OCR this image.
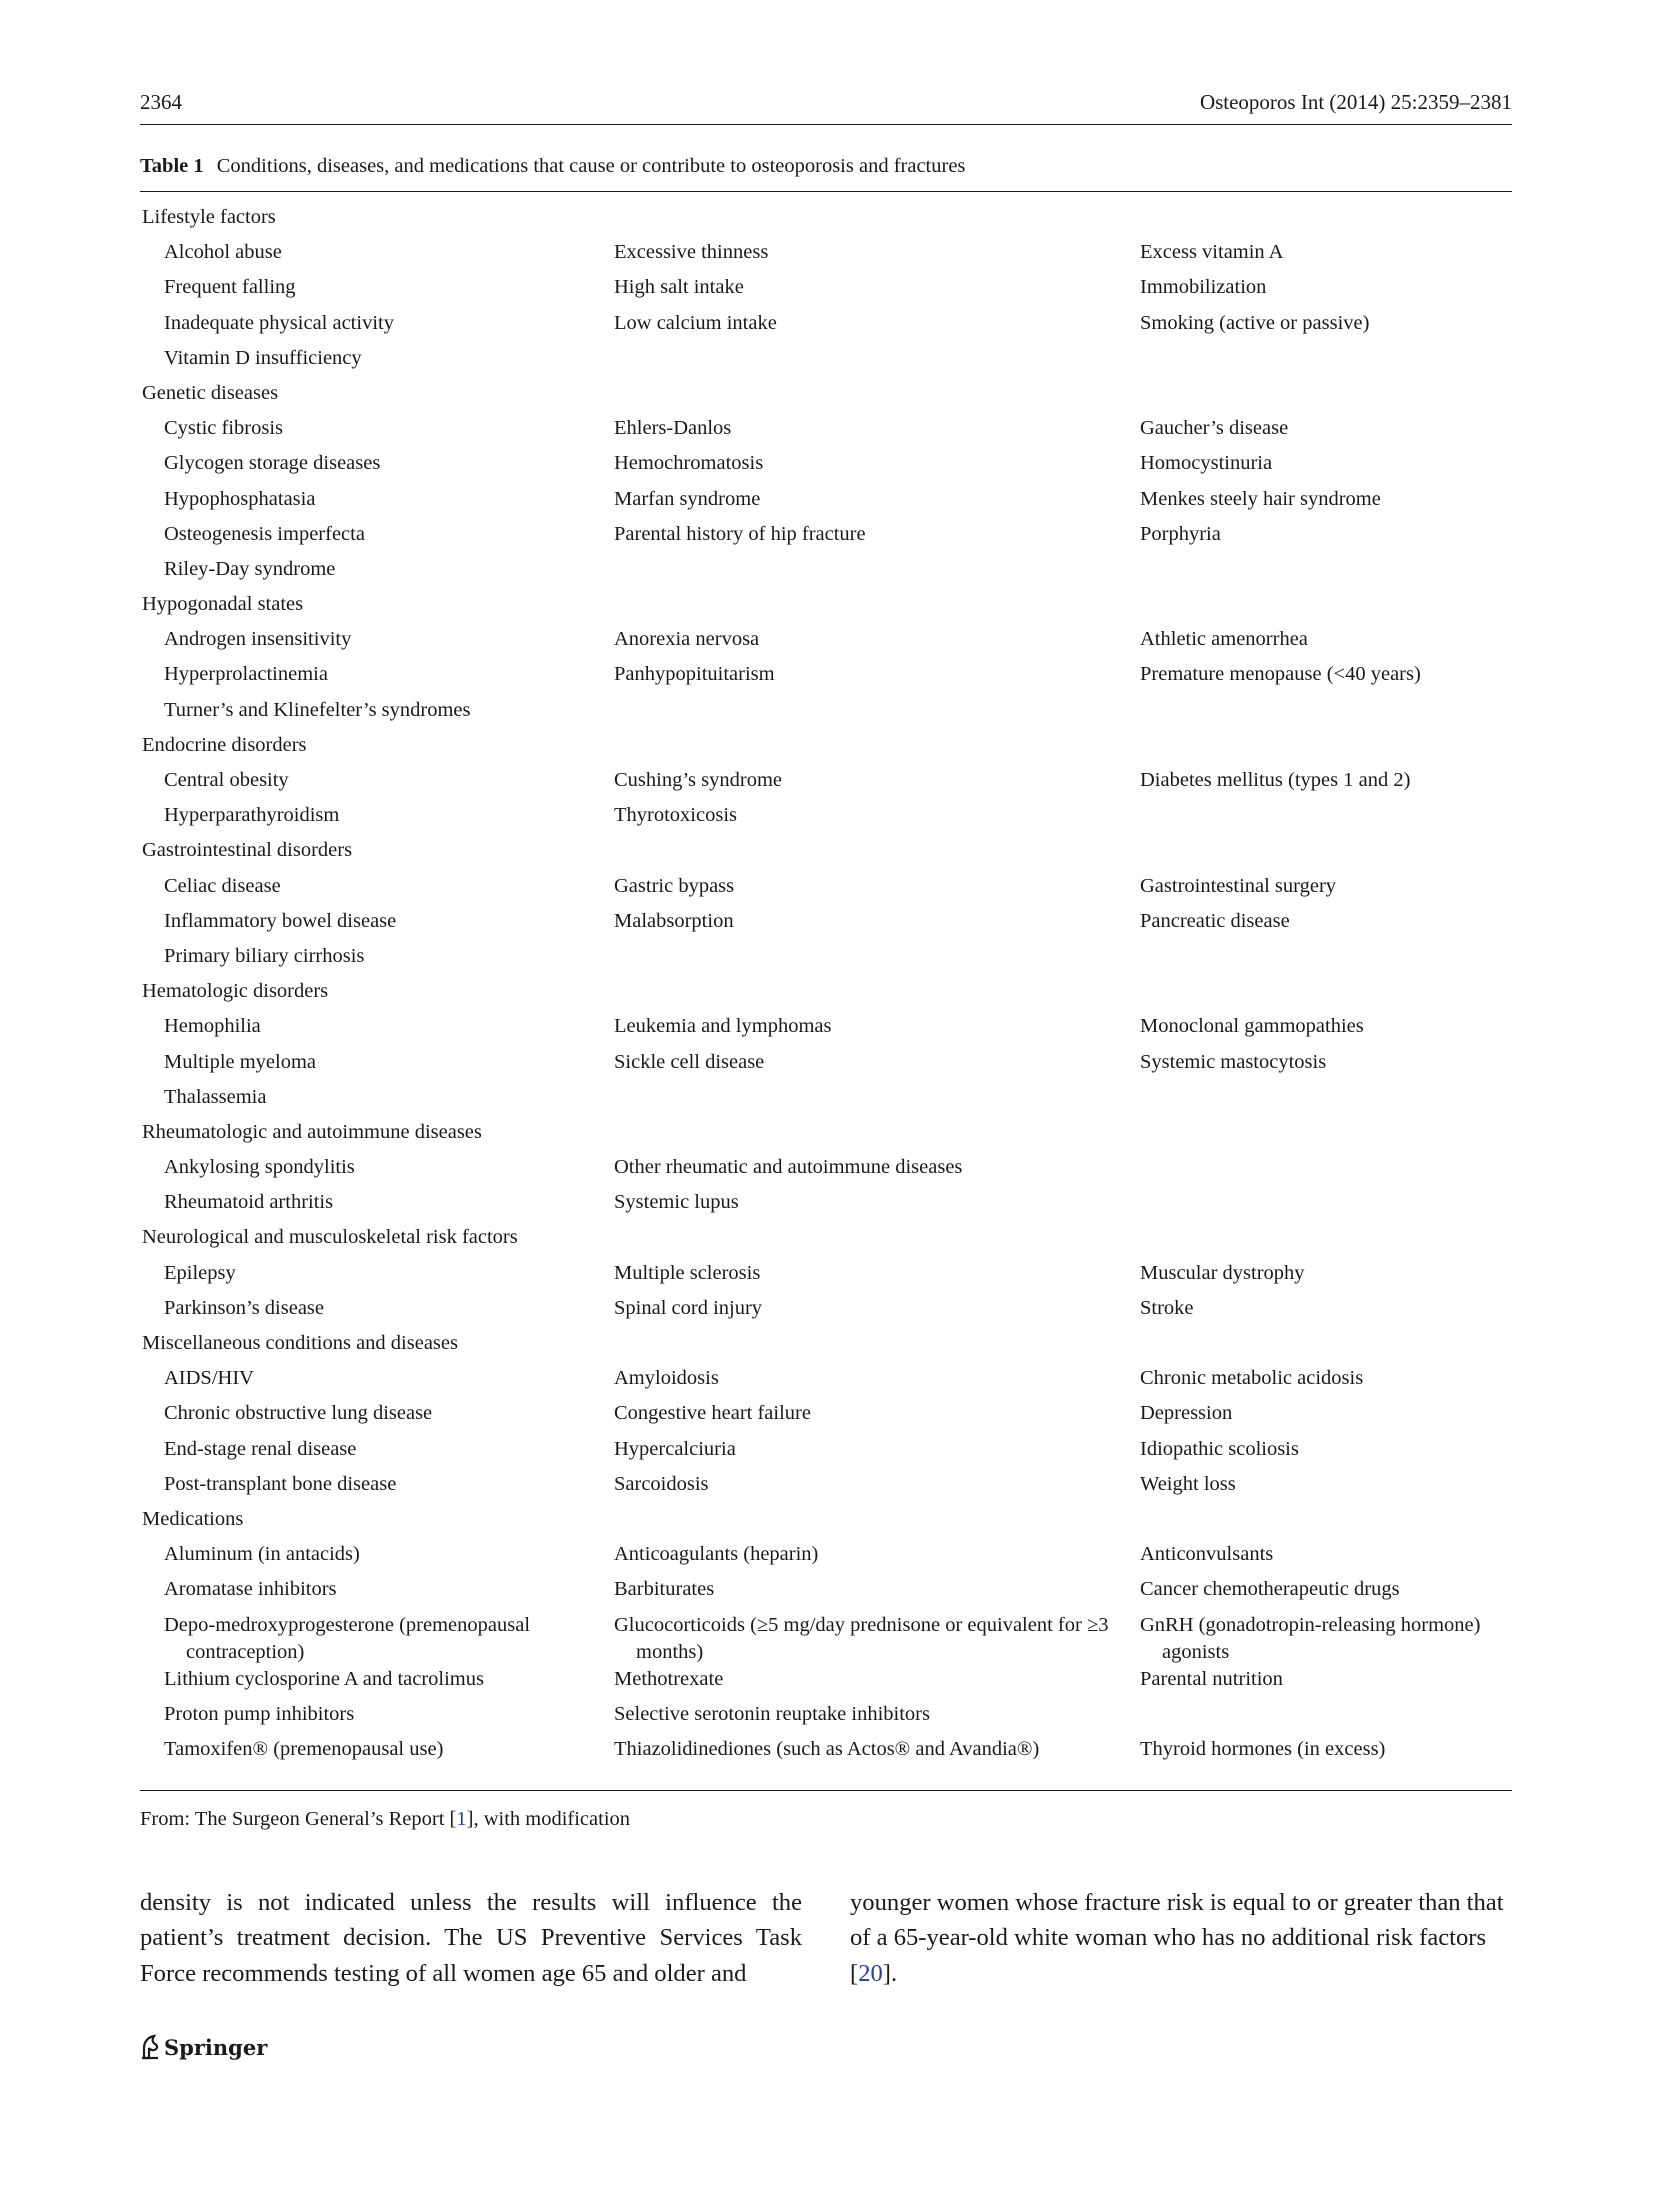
2364	Osteoporos Int (2014) 25:2359–2381
Table 1 Conditions, diseases, and medications that cause or contribute to osteoporosis and fractures
Lifestyle factors		

Alcohol abuse	Excessive thinness	Excess vitamin A

Frequent falling	High salt intake	Immobilization

Inadequate physical activity	Low calcium intake	Smoking (active or passive)

Vitamin D insufficiency		

Genetic diseases		

Cystic fibrosis	Ehlers-Danlos	Gaucher’s disease

Glycogen storage diseases	Hemochromatosis	Homocystinuria

Hypophosphatasia	Marfan syndrome	Menkes steely hair syndrome

Osteogenesis imperfecta	Parental history of hip fracture	Porphyria

Riley-Day syndrome		

Hypogonadal states		

Androgen insensitivity	Anorexia nervosa	Athletic amenorrhea

Hyperprolactinemia	Panhypopituitarism	Premature menopause (<40 years)

Turner’s and Klinefelter’s syndromes		

Endocrine disorders		

Central obesity	Cushing’s syndrome	Diabetes mellitus (types 1 and 2)

Hyperparathyroidism	Thyrotoxicosis	

Gastrointestinal disorders		

Celiac disease	Gastric bypass	Gastrointestinal surgery

Inflammatory bowel disease	Malabsorption	Pancreatic disease

Primary biliary cirrhosis		

Hematologic disorders		

Hemophilia	Leukemia and lymphomas	Monoclonal gammopathies

Multiple myeloma	Sickle cell disease	Systemic mastocytosis

Thalassemia		

Rheumatologic and autoimmune diseases		

Ankylosing spondylitis	Other rheumatic and autoimmune diseases	

Rheumatoid arthritis	Systemic lupus	

Neurological and musculoskeletal risk factors		

Epilepsy	Multiple sclerosis	Muscular dystrophy

Parkinson’s disease	Spinal cord injury	Stroke

Miscellaneous conditions and diseases		

AIDS/HIV	Amyloidosis	Chronic metabolic acidosis

Chronic obstructive lung disease	Congestive heart failure	Depression

End-stage renal disease	Hypercalciuria	Idiopathic scoliosis

Post-transplant bone disease	Sarcoidosis	Weight loss

Medications		

Aluminum (in antacids)	Anticoagulants (heparin)	Anticonvulsants

Aromatase inhibitors	Barbiturates	Cancer chemotherapeutic drugs

Depo-medroxyprogesterone (premenopausal contraception)	Glucocorticoids (≥5 mg/day prednisone or equivalent for ≥3 months)	GnRH (gonadotropin-releasing hormone) agonists

Lithium cyclosporine A and tacrolimus	Methotrexate	Parental nutrition

Proton pump inhibitors	Selective serotonin reuptake inhibitors	

Tamoxifen® (premenopausal use)	Thiazolidinediones (such as Actos® and Avandia®)	Thyroid hormones (in excess)
From: The Surgeon General’s Report [1], with modification
density is not indicated unless the results will influence the patient’s treatment decision. The US Preventive Services Task Force recommends testing of all women age 65 and older and
younger women whose fracture risk is equal to or greater than that of a 65-year-old white woman who has no additional risk factors [20].
Springer
